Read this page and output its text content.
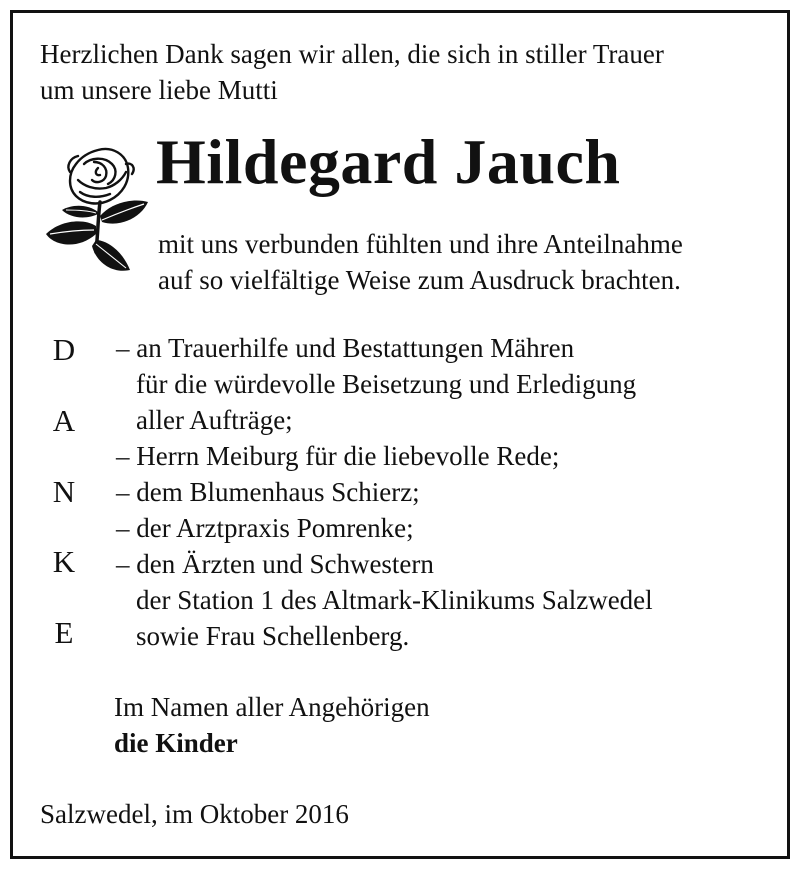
Herzlichen Dank sagen wir allen, die sich in stiller Trauer

um unsere liebe Mutti

Hildegard Jauch

mit uns verbunden fühlten und ihre Anteilnahme

auf so vielfältige Weise zum Ausdruck brachten.

D
A
N
K
E

– an Trauerhilfe und Bestattungen Mähren

für die würdevolle Beisetzung und Erledigung

aller Aufträge;

– Herrn Meiburg für die liebevolle Rede;

– dem Blumenhaus Schierz;

– der Arztpraxis Pomrenke;

– den Ärzten und Schwestern

der Station 1 des Altmark-Klinikums Salzwedel

sowie Frau Schellenberg.

Im Namen aller Angehörigen

die Kinder

Salzwedel, im Oktober 2016
